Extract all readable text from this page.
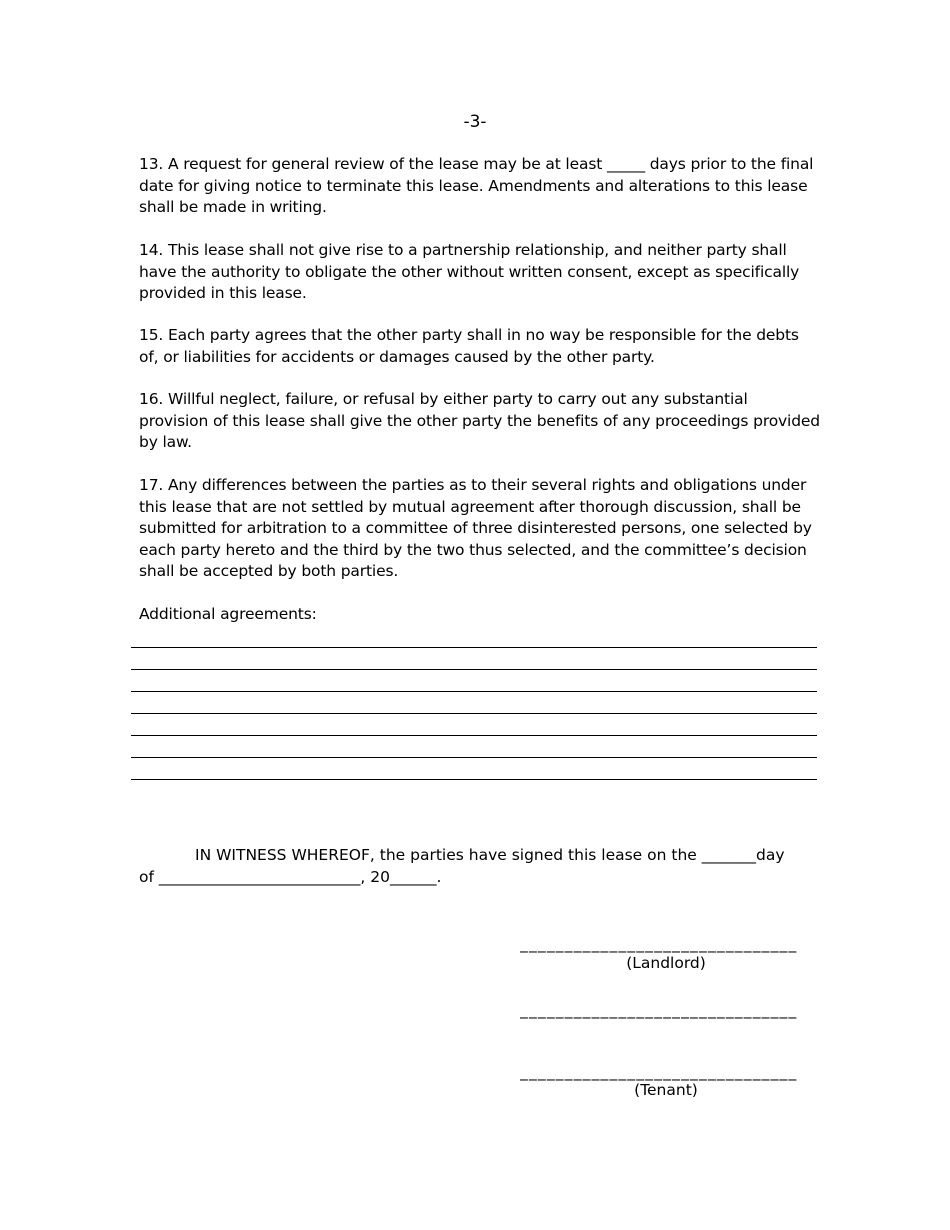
-3-

13. A request for general review of the lease may be at least _____ days prior to the final date for giving notice to terminate this lease. Amendments and alterations to this lease shall be made in writing.

14. This lease shall not give rise to a partnership relationship, and neither party shall have the authority to obligate the other without written consent, except as specifically provided in this lease.

15. Each party agrees that the other party shall in no way be responsible for the debts of, or liabilities for accidents or damages caused by the other party.

16. Willful neglect, failure, or refusal by either party to carry out any substantial provision of this lease shall give the other party the benefits of any proceedings provided by law.

17. Any differences between the parties as to their several rights and obligations under this lease that are not settled by mutual agreement after thorough discussion, shall be submitted for arbitration to a committee of three disinterested persons, one selected by each party hereto and the third by the two thus selected, and the committee’s decision shall be accepted by both parties.

Additional agreements:

IN WITNESS WHEREOF, the parties have signed this lease on the _______day
of __________________________, 20______.
_______________________________
(Landlord)
_______________________________
_______________________________
(Tenant)
